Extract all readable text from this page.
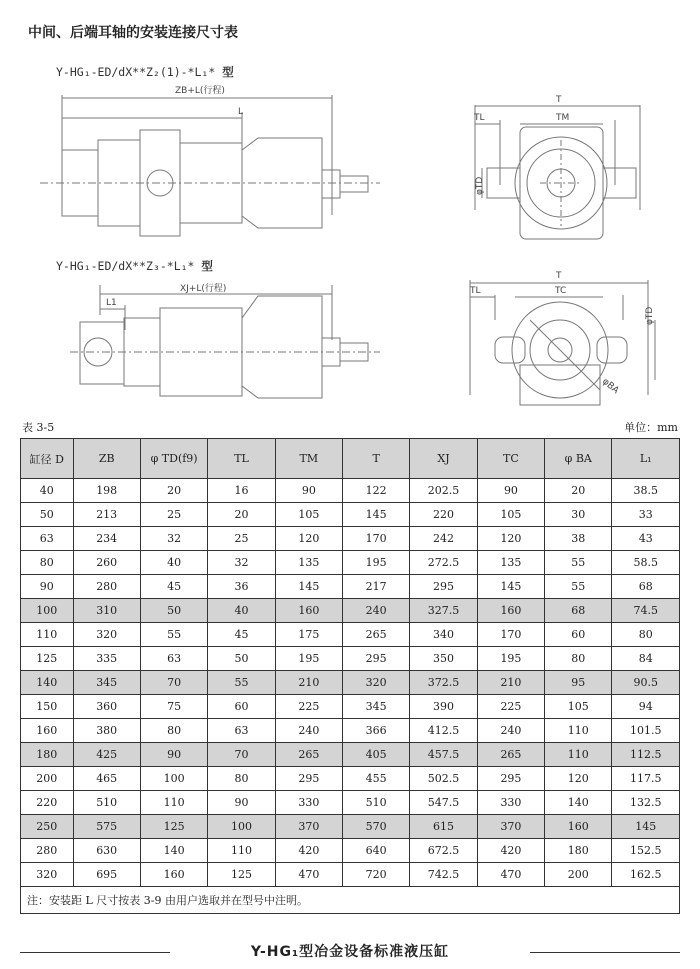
中间、后端耳轴的安装连接尺寸表
Y-HG₁-ED/dX**Z₂(1)-*L₁* 型
Y-HG₁-ED/dX**Z₃-*L₁* 型
ZB+L(行程)
L
XJ+L(行程)
L1
T
TL	TM
φTD
T
TL	TC
φTD
φBA
表 3-5	单位：mm
缸径 D	ZB	φ TD(f9)	TL	TM	T	XJ	TC	φ BA	L₁
40	198	20	16	90	122	202.5	90	20	38.5
50	213	25	20	105	145	220	105	30	33
63	234	32	25	120	170	242	120	38	43
80	260	40	32	135	195	272.5	135	55	58.5
90	280	45	36	145	217	295	145	55	68
100	310	50	40	160	240	327.5	160	68	74.5
110	320	55	45	175	265	340	170	60	80
125	335	63	50	195	295	350	195	80	84
140	345	70	55	210	320	372.5	210	95	90.5
150	360	75	60	225	345	390	225	105	94
160	380	80	63	240	366	412.5	240	110	101.5
180	425	90	70	265	405	457.5	265	110	112.5
200	465	100	80	295	455	502.5	295	120	117.5
220	510	110	90	330	510	547.5	330	140	132.5
250	575	125	100	370	570	615	370	160	145
280	630	140	110	420	640	672.5	420	180	152.5
320	695	160	125	470	720	742.5	470	200	162.5
注：安装距 L 尺寸按表 3-9 由用户选取并在型号中注明。									
Y-HG₁型冶金设备标准液压缸
